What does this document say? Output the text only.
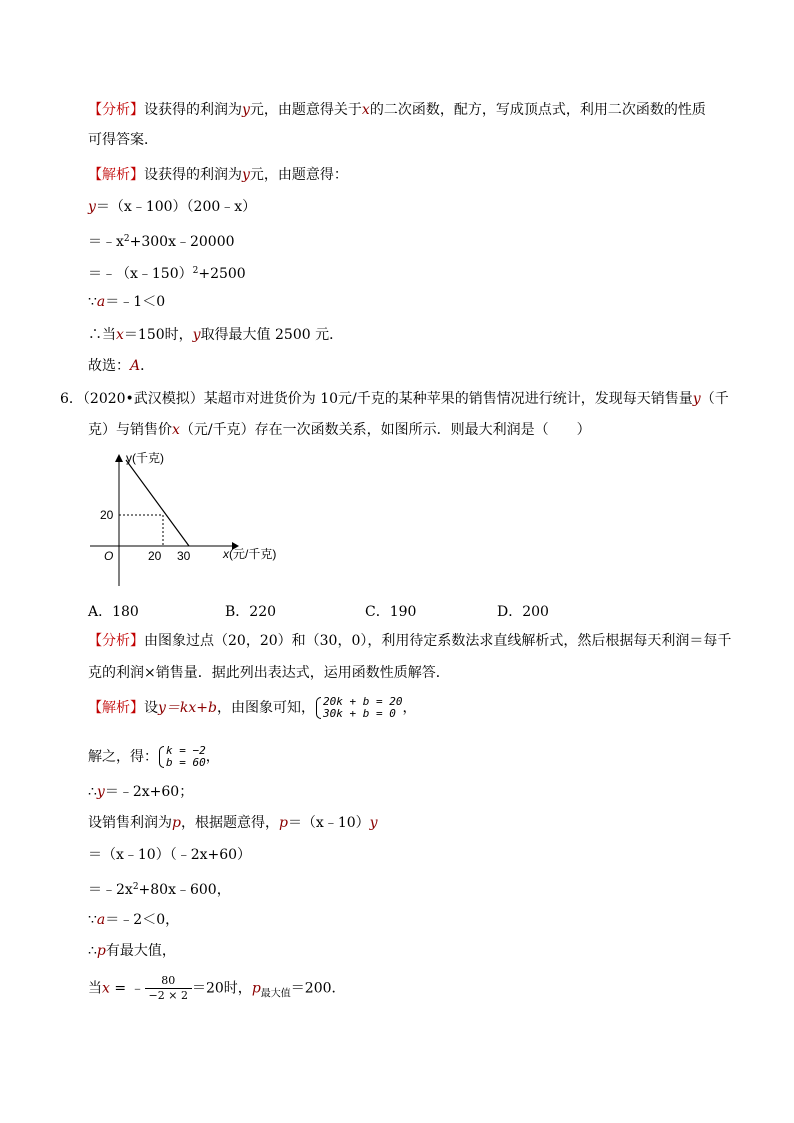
【分析】设获得的利润为y元，由题意得关于x的二次函数，配方，写成顶点式，利用二次函数的性质
可得答案．
【解析】设获得的利润为y元，由题意得：
y＝（x﹣100）（200﹣x）
$=﹣x^2+300x﹣20000$
＝﹣（x﹣150）$^2$+2500
∵a＝﹣1＜0
∴当x＝150时，y取得最大值 2500 元．
故选：A．
6．（2020•武汉模拟）某超市对进货价为 10元/千克的某种苹果的销售情况进行统计，发现每天销售量y（千
克）与销售价x（元/千克）存在一次函数关系，如图所示．则最大利润是（　　）
y(千克)
O	20 30
20
x(元/千克)
A．180	B．220	C．190	D．200
【分析】由图象过点（20，20）和（30，0），利用待定系数法求直线解析式，然后根据每天利润＝每千
克的利润×销售量．据此列出表达式，运用函数性质解答．
【解析】设y＝kx+b，由图象可知， 20k + b = 20
30k + b = 0 ，
解之，得： k = −2
b = 60 ，
∴y＝﹣2x+60；
设销售利润为p，根据题意得，p＝（x﹣10）y
＝（x﹣10）（﹣2x+60）
$=﹣2x^2+80x﹣600$，
∵a＝﹣2＜0，
∴p有最大值，
当x = ﹣ $\frac{80}{-2 \times 2} =20$时，$p_{最大值}=200$．
